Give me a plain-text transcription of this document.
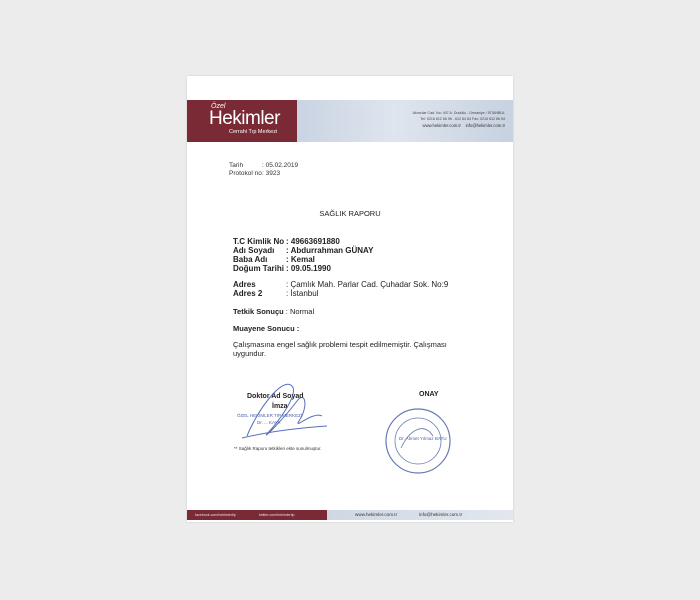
Özel
Hekimler
Cerrahi Tıp Merkezi
Akıncılar Cad. No: 407 A. Dudullu - Ümraniye / İSTANBUL
Tel: 0216 612 66 96 - 612 64 84 Fax: 0216 612 66 54
www.hekimler.com.tr info@hekimler.com.tr
Tarih	: 05.02.2019
Protokol no : 3923
SAĞLIK RAPORU
T.C Kimlik No : 49663691880
Adı Soyadı : Abdurrahman GÜNAY
Baba Adı : Kemal
Doğum Tarihi : 09.05.1990
Adres	: Çamlık Mah. Parlar Cad. Çuhadar Sok. No:9
Adres 2	: İstanbul
Tetkik Sonuçu : Normal
Muayene Sonucu :
Çalışmasına engel sağlık problemi tespit edilmemiştir. Çalışması
uygundur.
Doktor Ad Soyad
İmza
ONAY
ÖZEL HEKİMLER TIP MERKEZİ
Dr. ... KAYA
Dr. Ahmet Yılmaz BATU
** Sağlık Raporu tetkikleri ekte sunulmuştur.
facebook.com/hekimlertip	twitter.com/hekimlertip	www.hekimler.com.tr	info@hekimler.com.tr
